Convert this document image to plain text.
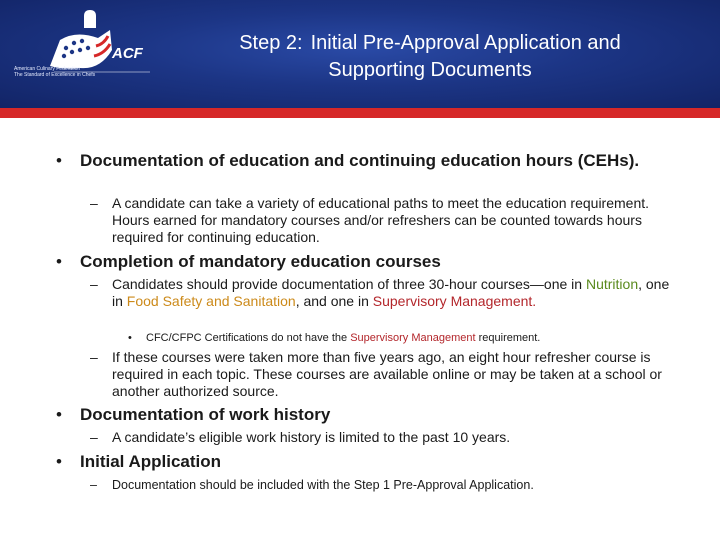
ACF
American Culinary Federation
The Standard of Excellence in Chefs
Step 2: Initial Pre-Approval Application and
Supporting Documents
• Documentation of education and continuing education hours (CEHs).
– A candidate can take a variety of educational paths to meet the education requirement. Hours earned for mandatory courses and/or refreshers can be counted towards hours required for continuing education.
• Completion of mandatory education courses
– Candidates should provide documentation of three 30-hour courses—one in Nutrition, one in Food Safety and Sanitation, and one in Supervisory Management.
• CFC/CFPC Certifications do not have the Supervisory Management requirement.
– If these courses were taken more than five years ago, an eight hour refresher course is required in each topic. These courses are available online or may be taken at a school or another authorized source.
• Documentation of work history
– A candidate’s eligible work history is limited to the past 10 years.
• Initial Application
– Documentation should be included with the Step 1 Pre-Approval Application.
